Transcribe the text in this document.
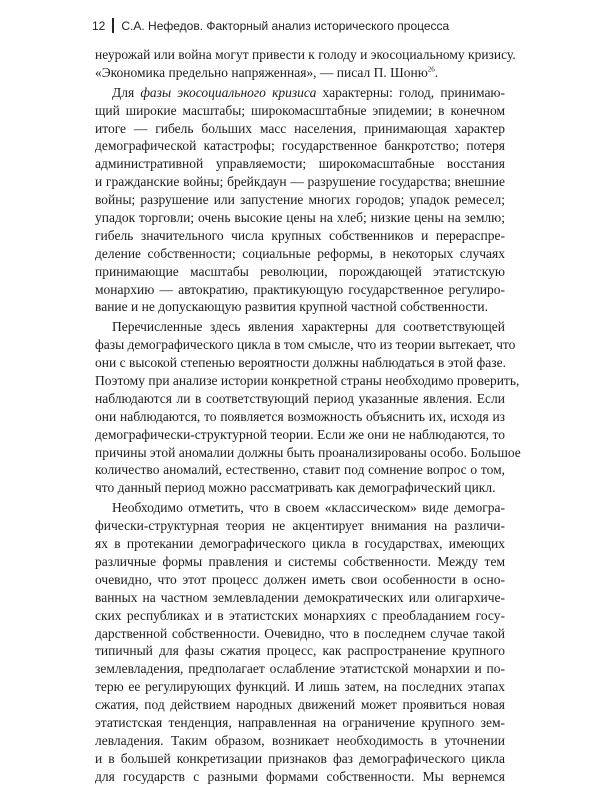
12	С.А. Нефедов. Факторный анализ исторического процесса
неурожай или война могут привести к голоду и экосоциальному кризису.
«Экономика предельно напряженная», — писал П. Шоню$^{26}$.
Для фазы экосоциального кризиса характерны: голод, принимаю-
щий широкие масштабы; широкомасштабные эпидемии; в конечном
итоге — гибель больших масс населения, принимающая характер
демографической катастрофы; государственное банкротство; потеря
административной управляемости; широкомасштабные восстания
и гражданские войны; брейкдаун — разрушение государства; внешние
войны; разрушение или запустение многих городов; упадок ремесел;
упадок торговли; очень высокие цены на хлеб; низкие цены на землю;
гибель значительного числа крупных собственников и перераспре-
деление собственности; социальные реформы, в некоторых случаях
принимающие масштабы революции, порождающей этатистскую
монархию — автократию, практикующую государственное регулиро-
вание и не допускающую развития крупной частной собственности.
Перечисленные здесь явления характерны для соответствующей
фазы демографического цикла в том смысле, что из теории вытекает, что
они с высокой степенью вероятности должны наблюдаться в этой фазе.
Поэтому при анализе истории конкретной страны необходимо проверить,
наблюдаются ли в соответствующий период указанные явления. Если
они наблюдаются, то появляется возможность объяснить их, исходя из
демографически-структурной теории. Если же они не наблюдаются, то
причины этой аномалии должны быть проанализированы особо. Большое
количество аномалий, естественно, ставит под сомнение вопрос о том,
что данный период можно рассматривать как демографический цикл.
Необходимо отметить, что в своем «классическом» виде демогра-
фически-структурная теория не акцентирует внимания на различи-
ях в протекании демографического цикла в государствах, имеющих
различные формы правления и системы собственности. Между тем
очевидно, что этот процесс должен иметь свои особенности в осно-
ванных на частном землевладении демократических или олигархиче-
ских республиках и в этатистских монархиях с преобладанием госу-
дарственной собственности. Очевидно, что в последнем случае такой
типичный для фазы сжатия процесс, как распространение крупного
землевладения, предполагает ослабление этатистской монархии и по-
терю ее регулирующих функций. И лишь затем, на последних этапах
сжатия, под действием народных движений может проявиться новая
этатистская тенденция, направленная на ограничение крупного зем-
левладения. Таким образом, возникает необходимость в уточнении
и в большей конкретизации признаков фаз демографического цикла
для государств с разными формами собственности. Мы вернемся
